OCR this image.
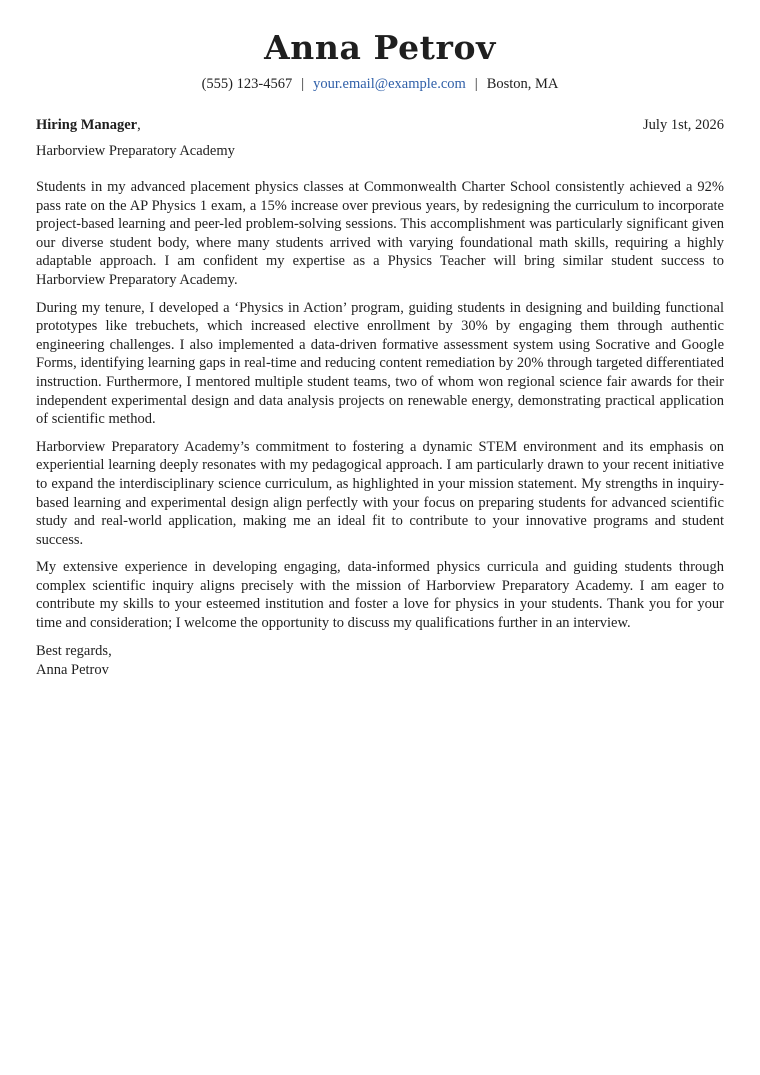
Anna Petrov
(555) 123-4567 | your.email@example.com | Boston, MA
Hiring Manager,	July 1st, 2026
Harborview Preparatory Academy

Students in my advanced placement physics classes at Commonwealth Charter School consistently achieved a 92% pass rate on the AP Physics 1 exam, a 15% increase over previous years, by redesigning the curriculum to incorporate project-based learning and peer-led problem-solving sessions. This accomplishment was particularly significant given our diverse student body, where many students arrived with varying foundational math skills, requiring a highly adaptable approach. I am confident my expertise as a Physics Teacher will bring similar student success to Harborview Preparatory Academy.

During my tenure, I developed a ‘Physics in Action’ program, guiding students in designing and building functional prototypes like trebuchets, which increased elective enrollment by 30% by engaging them through authentic engineering challenges. I also implemented a data-driven formative assessment system using Socrative and Google Forms, identifying learning gaps in real-time and reducing content remediation by 20% through targeted differentiated instruction. Furthermore, I mentored multiple student teams, two of whom won regional science fair awards for their independent experimental design and data analysis projects on renewable energy, demonstrating practical application of scientific method.

Harborview Preparatory Academy’s commitment to fostering a dynamic STEM environment and its emphasis on experiential learning deeply resonates with my pedagogical approach. I am particularly drawn to your recent initiative to expand the interdisciplinary science curriculum, as highlighted in your mission statement. My strengths in inquiry-based learning and experimental design align perfectly with your focus on preparing students for advanced scientific study and real-world application, making me an ideal fit to contribute to your innovative programs and student success.

My extensive experience in developing engaging, data-informed physics curricula and guiding students through complex scientific inquiry aligns precisely with the mission of Harborview Preparatory Academy. I am eager to contribute my skills to your esteemed institution and foster a love for physics in your students. Thank you for your time and consideration; I welcome the opportunity to discuss my qualifications further in an interview.

Best regards,
Anna Petrov
